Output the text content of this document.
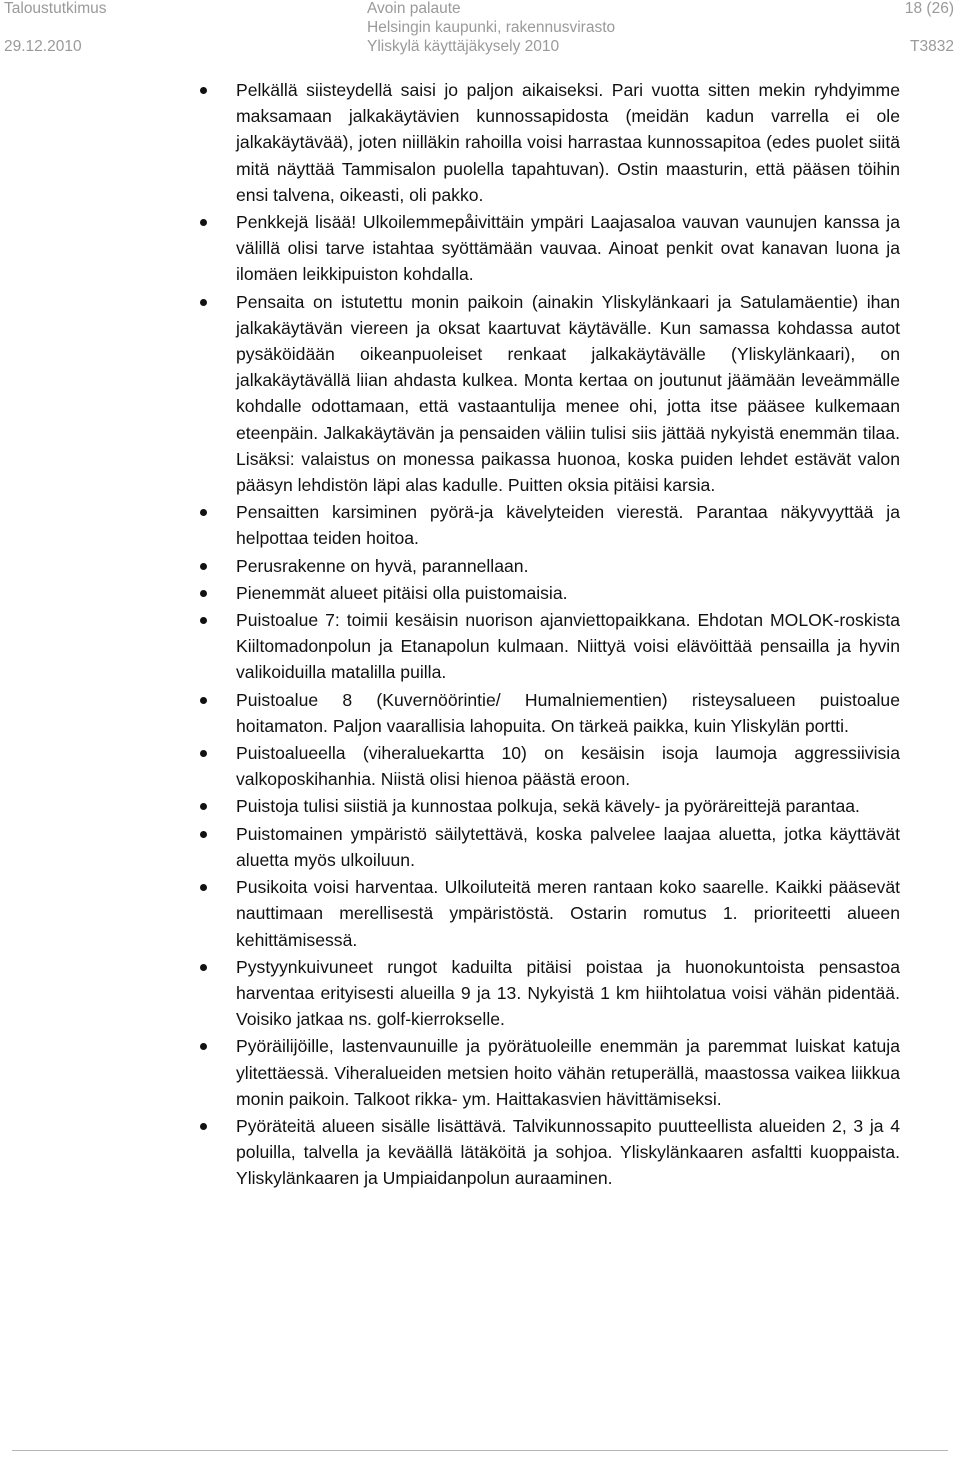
Taloustutkimus
29.12.2010
Avoin palaute
Helsingin kaupunki, rakennusvirasto
Yliskylä käyttäjäkysely 2010
18 (26)
T3832
Pelkällä siisteydellä saisi jo paljon aikaiseksi. Pari vuotta sitten mekin ryhdyimme maksamaan jalkakäytävien kunnossapidosta (meidän kadun varrella ei ole jalkakäytävää), joten niilläkin rahoilla voisi harrastaa kunnossapitoa (edes puolet siitä mitä näyttää Tammisalon puolella tapahtuvan). Ostin maasturin, että pääsen töihin ensi talvena, oikeasti, oli pakko.
Penkkejä lisää! Ulkoilemmepåivittäin ympäri Laajasaloa vauvan vaunujen kanssa ja välillä olisi tarve istahtaa syöttämään vauvaa. Ainoat penkit ovat kanavan luona ja ilomäen leikkipuiston kohdalla.
Pensaita on istutettu monin paikoin (ainakin Yliskylänkaari ja Satulamäentie) ihan jalkakäytävän viereen ja oksat kaartuvat käytävälle. Kun samassa kohdassa autot pysäköidään oikeanpuoleiset renkaat jalkakäytävälle (Yliskylänkaari), on jalkakäytävällä liian ahdasta kulkea. Monta kertaa on joutunut jäämään leveämmälle kohdalle odottamaan, että vastaantulija menee ohi, jotta itse pääsee kulkemaan eteenpäin. Jalkakäytävän ja pensaiden väliin tulisi siis jättää nykyistä enemmän tilaa. Lisäksi: valaistus on monessa paikassa huonoa, koska puiden lehdet estävät valon pääsyn lehdistön läpi alas kadulle. Puitten oksia pitäisi karsia.
Pensaitten karsiminen pyörä-ja kävelyteiden vierestä. Parantaa näkyvyyttää ja helpottaa teiden hoitoa.
Perusrakenne on hyvä, parannellaan.
Pienemmät alueet pitäisi olla puistomaisia.
Puistoalue 7: toimii kesäisin nuorison ajanviettopaikkana. Ehdotan MOLOK-roskista Kiiltomadonpolun ja Etanapolun kulmaan. Niittyä voisi elävöittää pensailla ja hyvin valikoiduilla matalilla puilla.
Puistoalue 8 (Kuvernöörintie/ Humalniementien) risteysalueen puistoalue hoitamaton. Paljon vaarallisia lahopuita. On tärkeä paikka, kuin Yliskylän portti.
Puistoalueella (viheraluekartta 10) on kesäisin isoja laumoja aggressiivisia valkoposkihanhia. Niistä olisi hienoa päästä eroon.
Puistoja tulisi siistiä ja kunnostaa polkuja, sekä kävely- ja pyöräreittejä parantaa.
Puistomainen ympäristö säilytettävä, koska palvelee laajaa aluetta, jotka käyttävät aluetta myös ulkoiluun.
Pusikoita voisi harventaa. Ulkoiluteitä meren rantaan koko saarelle. Kaikki pääsevät nauttimaan merellisestä ympäristöstä. Ostarin romutus 1. prioriteetti alueen kehittämisessä.
Pystyynkuivuneet rungot kaduilta pitäisi poistaa ja huonokuntoista pensastoa harventaa erityisesti alueilla 9 ja 13. Nykyistä 1 km hiihtolatua voisi vähän pidentää. Voisiko jatkaa ns. golf-kierrokselle.
Pyöräilijöille, lastenvaunuille ja pyörätuoleille enemmän ja paremmat luiskat katuja ylitettäessä. Viheralueiden metsien hoito vähän retuperällä, maastossa vaikea liikkua monin paikoin. Talkoot rikka- ym. Haittakasvien hävittämiseksi.
Pyöräteitä alueen sisälle lisättävä. Talvikunnossapito puutteellista alueiden 2, 3 ja 4 poluilla, talvella ja keväällä lätäköitä ja sohjoa. Yliskylänkaaren asfaltti kuoppaista. Yliskylänkaaren ja Umpiaidanpolun auraaminen.
